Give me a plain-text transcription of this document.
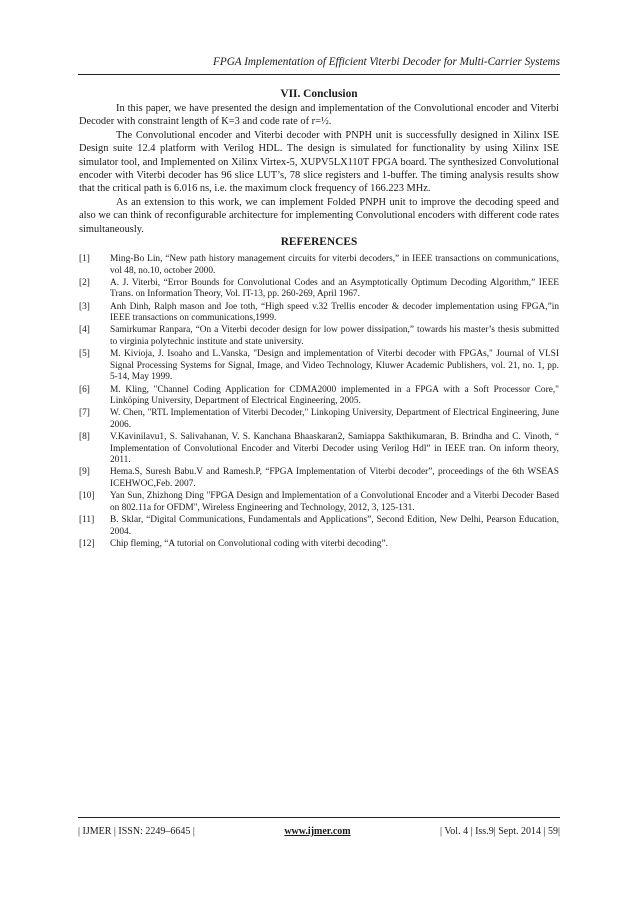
FPGA Implementation of Efficient Viterbi Decoder for Multi-Carrier Systems
VII. Conclusion

In this paper, we have presented the design and implementation of the Convolutional encoder and Viterbi Decoder with constraint length of K=3 and code rate of r=½.

The Convolutional encoder and Viterbi decoder with PNPH unit is successfully designed in Xilinx ISE Design suite 12.4 platform with Verilog HDL. The design is simulated for functionality by using Xilinx ISE simulator tool, and Implemented on Xilinx Virtex-5, XUPV5LX110T FPGA board. The synthesized Convolutional encoder with Viterbi decoder has 96 slice LUT’s, 78 slice registers and 1-buffer. The timing analysis results show that the critical path is 6.016 ns, i.e. the maximum clock frequency of 166.223 MHz.

As an extension to this work, we can implement Folded PNPH unit to improve the decoding speed and also we can think of reconfigurable architecture for implementing Convolutional encoders with different code rates simultaneously.

REFERENCES
[1]	Ming-Bo Lin, “New path history management circuits for viterbi decoders,” in IEEE transactions on communications, vol 48, no.10, october 2000.
[2]	A. J. Viterbi, “Error Bounds for Convolutional Codes and an Asymptotically Optimum Decoding Algorithm,” IEEE Trans. on Information Theory, Vol. IT-13, pp. 260-269, April 1967.
[3]	Anh Dinh, Ralph mason and Joe toth, “High speed v.32 Trellis encoder & decoder implementation using FPGA,”in IEEE transactions on communications,1999.
[4]	Samirkumar Ranpara, “On a Viterbi decoder design for low power dissipation,” towards his master’s thesis submitted to virginia polytechnic institute and state university.
[5]	M. Kivioja, J. Isoaho and L.Vanska, "Design and implementation of Viterbi decoder with FPGAs," Journal of VLSI Signal Processing Systems for Signal, Image, and Video Technology, Kluwer Academic Publishers, vol. 21, no. 1, pp. 5-14, May 1999.
[6]	M. Kling, "Channel Coding Application for CDMA2000 implemented in a FPGA with a Soft Processor Core," Linköping University, Department of Electrical Engineering, 2005.
[7]	W. Chen, "RTL Implementation of Viterbi Decoder," Linkoping University, Department of Electrical Engineering, June 2006.
[8]	V.Kavinilavu1, S. Salivahanan, V. S. Kanchana Bhaaskaran2, Samiappa Sakthikumaran, B. Brindha and C. Vinoth, “ Implementation of Convolutional Encoder and Viterbi Decoder using Verilog Hdl” in IEEE tran. On inform theory, 2011.
[9]	Hema.S, Suresh Babu.V and Ramesh.P, “FPGA Implementation of Viterbi decoder”, proceedings of the 6th WSEAS ICEHWOC,Feb. 2007.
[10]	Yan Sun, Zhizhong Ding "FPGA Design and Implementation of a Convolutional Encoder and a Viterbi Decoder Based on 802.11a for OFDM", Wireless Engineering and Technology, 2012, 3, 125-131.
[11]	B. Sklar, “Digital Communications, Fundamentals and Applications”, Second Edition, New Delhi, Pearson Education, 2004.
[12]	Chip fleming, “A tutorial on Convolutional coding with viterbi decoding”.
| IJMER | ISSN: 2249–6645 |	www.ijmer.com	| Vol. 4 | Iss.9| Sept. 2014 | 59|
